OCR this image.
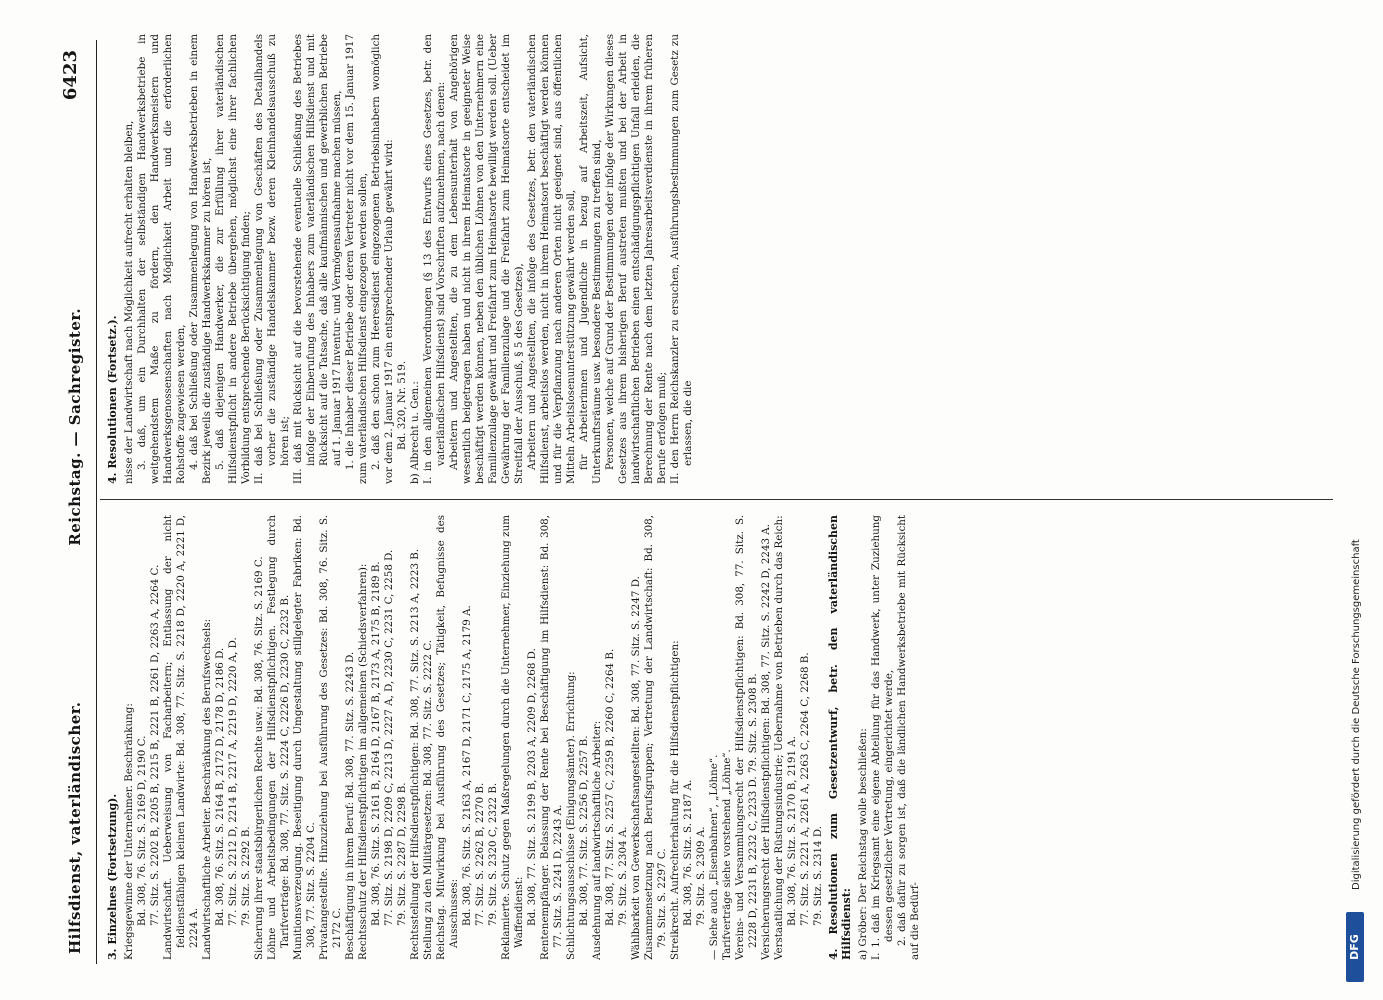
Hilfsdienst, vaterländischer. Reichstag. — Sachregister.
6423

3. Einzelnes (Fortsetzung). Kriegsgewinne der Unternehmer. Beschränkung: Bd. 308, 76. Sitz. S. 2169 D, 2190 C. 77. Sitz. S. 2202 B, 2205 B, 2215 B, 2221 B, 2261 D, 2263 A, 2264 C. Landwirtschaft. Ueberweisung von Facharbeitern; Entlassung der nicht feldienstfähigen kleinen Landwirte: Bd. 308, 77. Sitz. S. 2218 D, 2220 A, 2221 D, 2224 A. Landwirtschaftliche Arbeiter. Beschränkung des Berufswechsels: Bd. 308, 76. Sitz. S. 2164 B, 2172 D, 2178 D, 2186 D. 77. Sitz. S. 2212 D, 2214 B, 2217 A, 2219 D, 2220 A, D. 79. Sitz. S. 2292 B. Sicherung ihrer staatsbürgerlichen Rechte usw.: Bd. 308, 76. Sitz. S. 2169 C. Löhne und Arbeitsbedingungen der Hilfsdienstpflichtigen. Festlegung durch Tarifverträge: Bd. 308, 77. Sitz. S. 2224 C, 2226 D, 2230 C, 2232 B. Munitionsverzeugung. Beseitigung durch Umgestaltung stillgelegter Fabriken: Bd. 308, 77. Sitz. S. 2204 C. Privatangestellte. Hinzuziehung bei Ausführung des Gesetzes: Bd. 308, 76. Sitz. S. 2172 C. Beschäftigung in ihrem Beruf: Bd. 308, 77. Sitz. S. 2243 D. Rechtsschutz der Hilfsdienstpflichtigen im allgemeinen (Schiedsverfahren): Bd. 308, 76. Sitz. S. 2161 B, 2164 D, 2167 B, 2173 A, 2175 B, 2189 B. 77. Sitz. S. 2198 D, 2209 C, 2213 D, 2227 A, D, 2230 C, 2231 C, 2258 D. 79. Sitz. S. 2287 D, 2298 B. Rechtsstellung der Hilfsdienstpflichtigen: Bd. 308, 77. Sitz. S. 2213 A, 2223 B. Stellung zu den Militärgesetzen: Bd. 308, 77. Sitz. S. 2222 C. Reichstag. Mitwirkung bei Ausführung des Gesetzes; Tätigkeit, Befugnisse des Ausschusses: Bd. 308, 76. Sitz. S. 2163 A, 2167 D, 2171 C, 2175 A, 2179 A. 77. Sitz. S. 2262 B, 2270 B. 79. Sitz. S. 2320 C, 2322 B. Reklamierte. Schutz gegen Maßregelungen durch die Unternehmer, Einziehung zum Waffendienst: Bd. 308, 77. Sitz. S. 2199 B, 2203 A, 2209 D, 2268 D. Rentenempfänger. Belassung der Rente bei Beschäftigung im Hilfsdienst: Bd. 308, 77. Sitz. S. 2241 D, 2243 A. Schlichtungsausschüsse (Einigungsämter). Errichtung: Bd. 308, 77. Sitz. S. 2256 D, 2257 B. Ausdehnung auf landwirtschaftliche Arbeiter: Bd. 308, 77. Sitz. S. 2257 C, 2259 B, 2260 C, 2264 B. 79. Sitz. S. 2304 A. Wählbarkeit von Gewerkschaftsangestellten: Bd. 308, 77. Sitz. S. 2247 D. Zusammensetzung nach Berufsgruppen; Vertretung der Landwirtschaft: Bd. 308, 79. Sitz. S. 2297 C. Streikrecht. Aufrechterhaltung für die Hilfsdienstpflichtigen: Bd. 308, 76. Sitz. S. 2187 A. 79. Sitz. S. 2309 A. — Siehe auch „Eisenbahnen“, „Löhne“. Tarifverträge siehe vorstehend „Löhne“. Vereins- und Versammlungsrecht der Hilfsdienstpflichtigen: Bd. 308, 77. Sitz. S. 2228 D, 2231 B, 2232 C, 2233 D. 79. Sitz. S. 2308 B. Versicherungsrecht der Hilfsdienstpflichtigen: Bd. 308, 77. Sitz. S. 2242 D, 2243 A. Verstaatlichung der Rüstungsindustrie; Uebernahme von Betrieben durch das Reich: Bd. 308, 76. Sitz. S. 2170 B, 2191 A. 77. Sitz. S. 2221 A, 2261 A, 2263 C, 2264 C, 2268 B. 79. Sitz. S. 2314 D. 4. Resolutionen zum Gesetzentwurf, betr. den vaterländischen Hilfsdienst: a) Gröber: Der Reichstag wolle beschließen: I. 1. daß im Kriegsamt eine eigene Abteilung für das Handwerk, unter Zuziehung dessen gesetzlicher Vertretung, eingerichtet werde, 2. daß dafür zu sorgen ist, daß die ländlichen Handwerksbetriebe mit Rücksicht auf die Bedürf-

4. Resolutionen (Fortsetz.). nisse der Landwirtschaft nach Möglichkeit aufrecht erhalten bleiben, 3. daß, um ein Durchhalten der selbständigen Handwerksbetriebe in weitgehendstem Maße zu fördern, den Handwerksmeistern und Handwerksgenossenschaften nach Möglichkeit Arbeit und die erforderlichen Rohstoffe zugewiesen werden, 4. daß bei Schließung oder Zusammenlegung von Handwerksbetrieben in einem Bezirk jeweils die zuständige Handwerkskammer zu hören ist, 5. daß diejenigen Handwerker, die zur Erfüllung ihrer vaterländischen Hilfsdienstpflicht in andere Betriebe übergehen, möglichst eine ihrer fachlichen Vorbildung entsprechende Berücksichtigung finden; II. daß bei Schließung oder Zusammenlegung von Geschäften des Detailhandels vorher die zuständige Handelskammer bezw. deren Kleinhandelsausschuß zu hören ist; III. daß mit Rücksicht auf die bevorstehende eventuelle Schließung des Betriebes infolge der Einberufung des Inhabers zum vaterländischen Hilfsdienst und mit Rücksicht auf die Tatsache, daß alle kaufmännischen und gewerblichen Betriebe auf 1. Januar 1917 Inventur- und Vermögensaufnahme machen müssen, 1. die Inhaber dieser Betriebe oder deren Vertreter nicht vor dem 15. Januar 1917 zum vaterländischen Hilfsdienst eingezogen werden sollen, 2. daß den schon zum Heeresdienst eingezogenen Betriebsinhabern womöglich vor dem 2. Januar 1917 ein entsprechender Urlaub gewährt wird: Bd. 320, Nr. 519. b) Albrecht u. Gen.: I. in den allgemeinen Verordnungen (§ 13 des Entwurfs eines Gesetzes, betr. den vaterländischen Hilfsdienst) sind Vorschriften aufzunehmen, nach denen: Arbeitern und Angestellten, die zu dem Lebensunterhalt von Angehörigen wesentlich beigetragen haben und nicht in ihrem Heimatsorte in geeigneter Weise beschäftigt werden können, neben den üblichen Löhnen von den Unternehmern eine Familienzulage gewährt und Freifahrt zum Heimatsorte bewilligt werden soll. (Ueber Gewährung der Familienzulage und die Freifahrt zum Heimatsorte entscheidet im Streitfall der Ausschuß, § 5 des Gesetzes), Arbeitern und Angestellten, die infolge des Gesetzes, betr. den vaterländischen Hilfsdienst, arbeitslos werden, nicht in ihrem Heimatsort beschäftigt werden können und für die Verpflanzung nach anderen Orten nicht geeignet sind, aus öffentlichen Mitteln Arbeitslosenunterstützung gewährt werden soll, für Arbeiterinnen und Jugendliche in bezug auf Arbeitszeit, Aufsicht, Unterkunftsräume usw. besondere Bestimmungen zu treffen sind, Personen, welche auf Grund der Bestimmungen oder infolge der Wirkungen dieses Gesetzes aus ihrem bisherigen Beruf austreten mußten und bei der Arbeit in landwirtschaftlichen Betrieben einen entschädigungspflichtigen Unfall erleiden, die Berechnung der Rente nach dem letzten Jahresarbeitsverdienste in ihrem früheren Berufe erfolgen muß; II. den Herrn Reichskanzler zu ersuchen, Ausführungsbestimmungen zum Gesetz zu erlassen, die die

DFG
Digitalisierung gefördert durch die Deutsche Forschungsgemeinschaft
